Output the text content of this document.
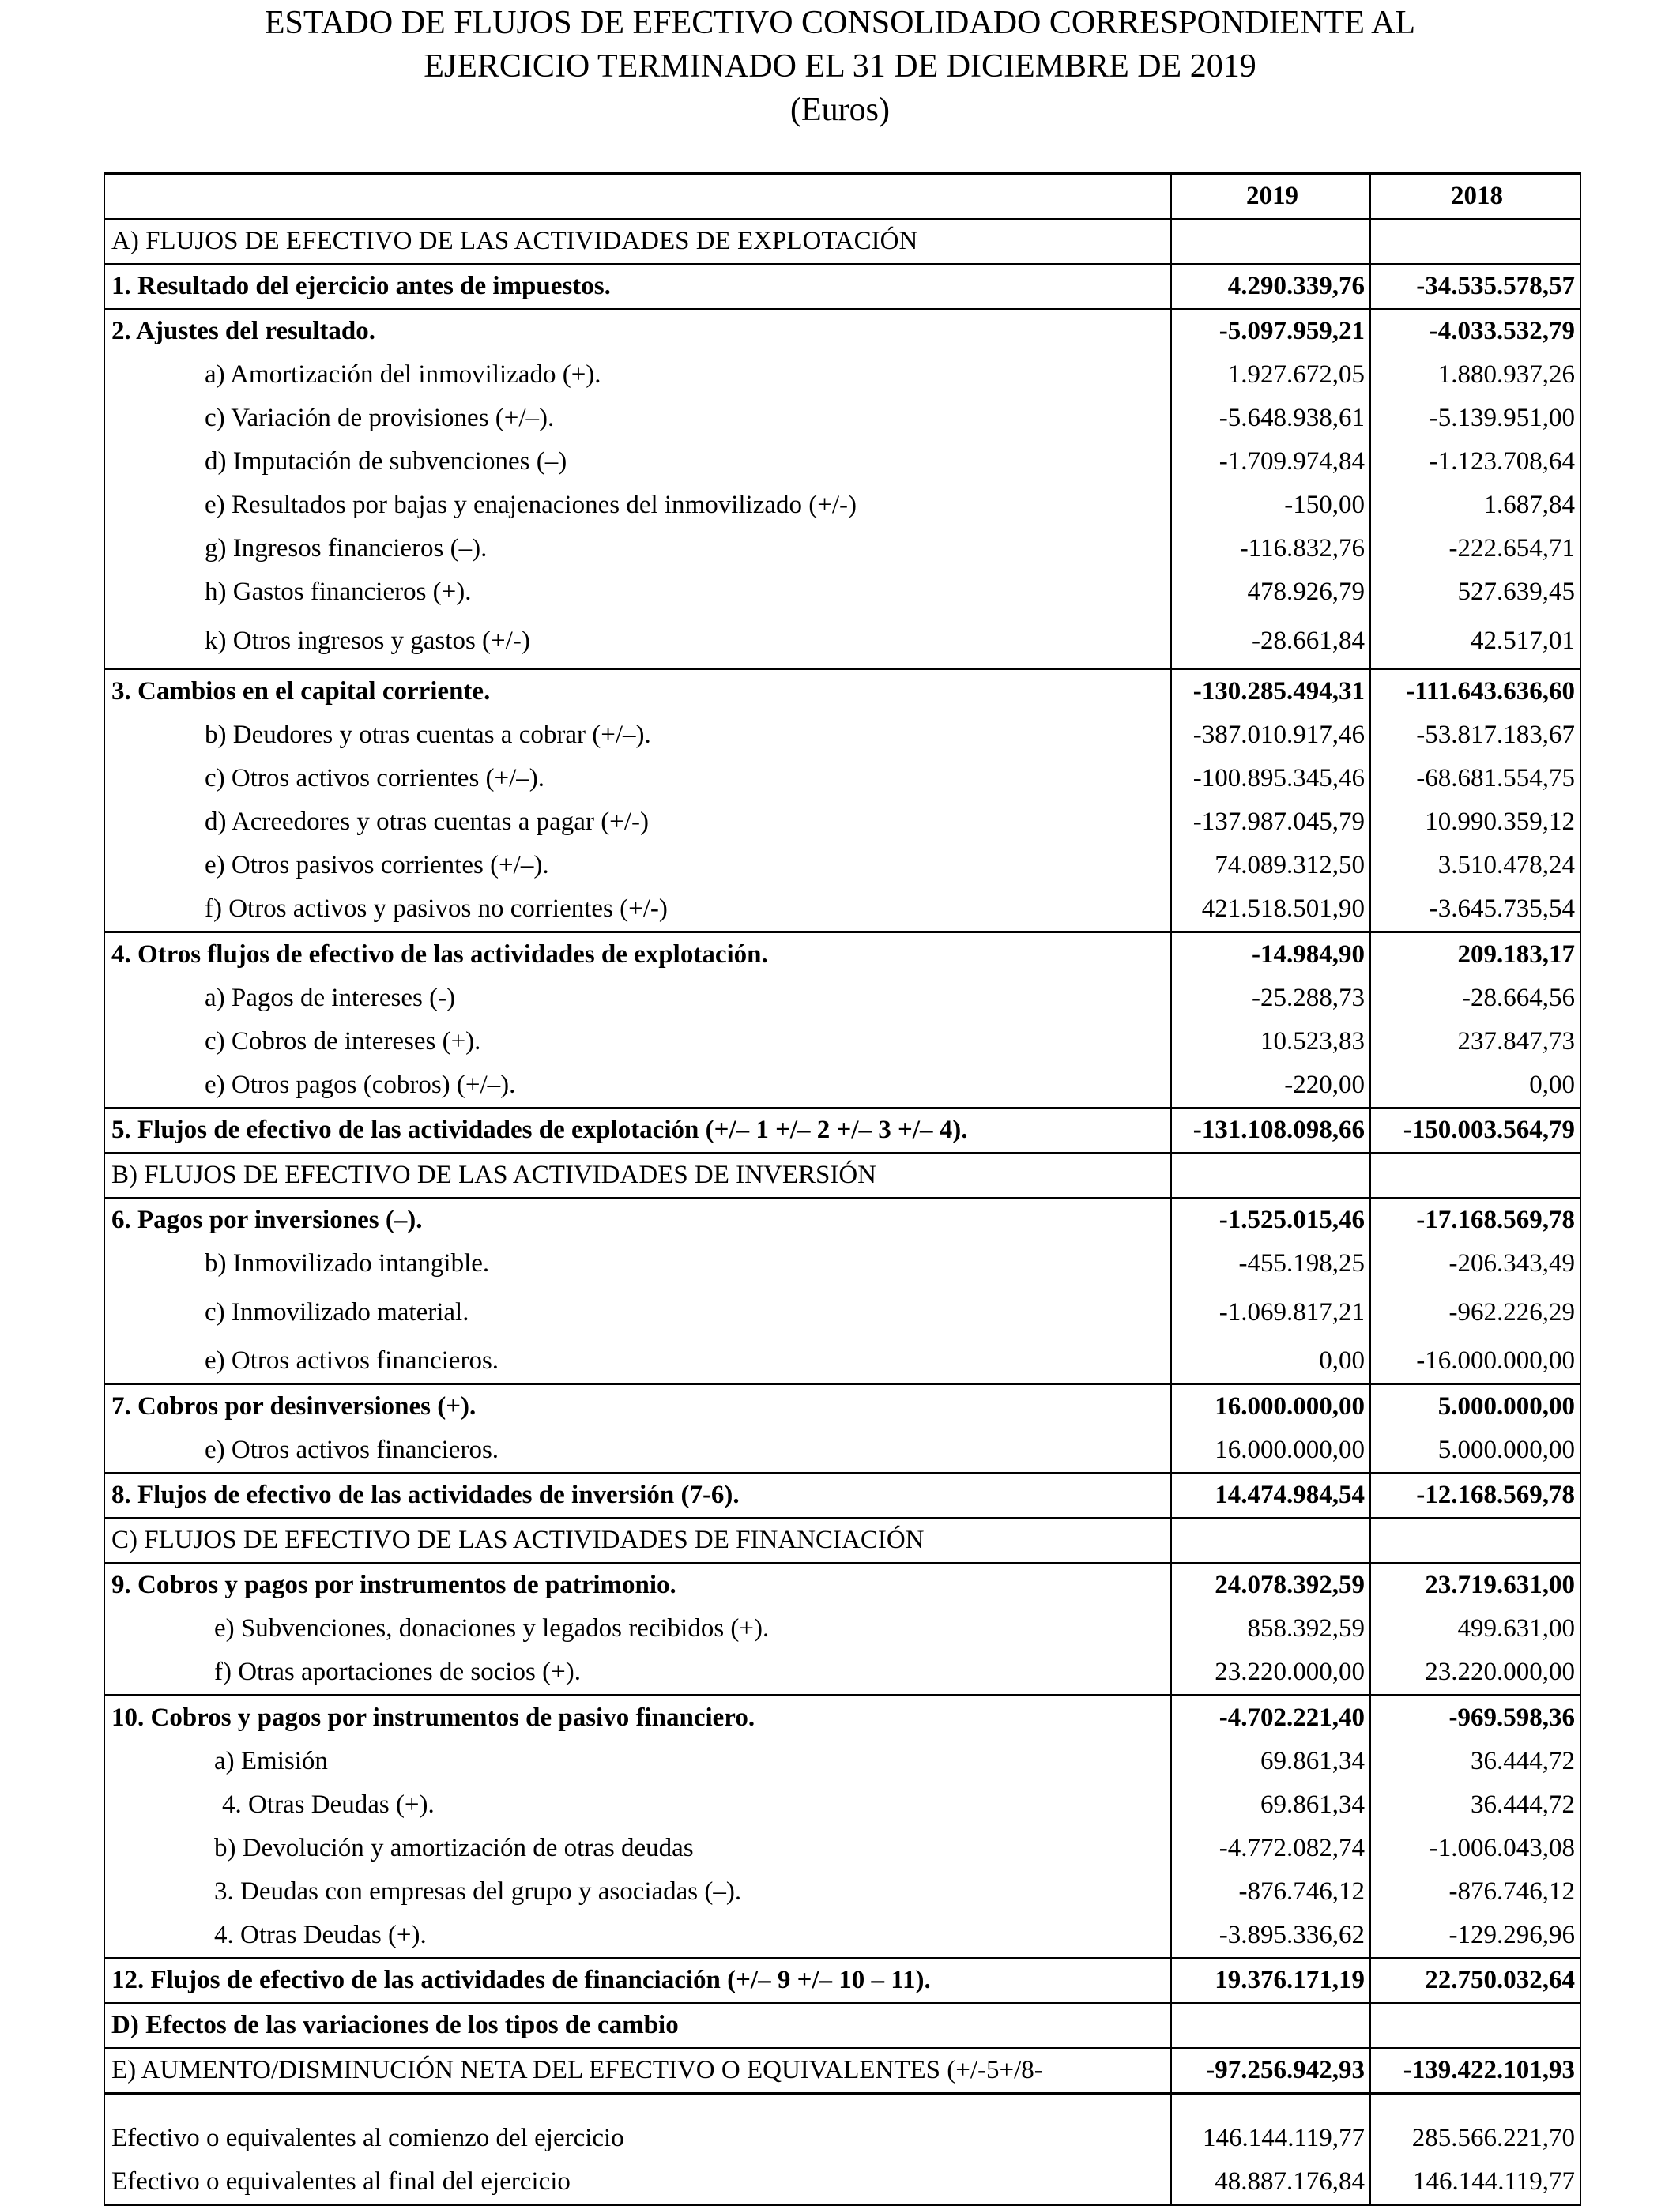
ESTADO DE FLUJOS DE EFECTIVO CONSOLIDADO CORRESPONDIENTE AL
EJERCICIO TERMINADO EL 31 DE DICIEMBRE DE 2019
(Euros)
	2019	2018
A) FLUJOS DE EFECTIVO DE LAS ACTIVIDADES DE EXPLOTACIÓN		
1. Resultado del ejercicio antes de impuestos.	4.290.339,76	-34.535.578,57
2. Ajustes del resultado.	-5.097.959,21	-4.033.532,79
a) Amortización del inmovilizado (+).	1.927.672,05	1.880.937,26
c) Variación de provisiones (+/–).	-5.648.938,61	-5.139.951,00
d) Imputación de subvenciones (–)	-1.709.974,84	-1.123.708,64
e) Resultados por bajas y enajenaciones del inmovilizado (+/-)	-150,00	1.687,84
g) Ingresos financieros (–).	-116.832,76	-222.654,71
h) Gastos financieros (+).	478.926,79	527.639,45
k) Otros ingresos y gastos (+/-)	-28.661,84	42.517,01
3. Cambios en el capital corriente.	-130.285.494,31	-111.643.636,60
b) Deudores y otras cuentas a cobrar (+/–).	-387.010.917,46	-53.817.183,67
c) Otros activos corrientes (+/–).	-100.895.345,46	-68.681.554,75
d) Acreedores y otras cuentas a pagar (+/-)	-137.987.045,79	10.990.359,12
e) Otros pasivos corrientes (+/–).	74.089.312,50	3.510.478,24
f) Otros activos y pasivos no corrientes (+/-)	421.518.501,90	-3.645.735,54
4. Otros flujos de efectivo de las actividades de explotación.	-14.984,90	209.183,17
a) Pagos de intereses (-)	-25.288,73	-28.664,56
c) Cobros de intereses (+).	10.523,83	237.847,73
e) Otros pagos (cobros) (+/–).	-220,00	0,00
5. Flujos de efectivo de las actividades de explotación (+/– 1 +/– 2 +/– 3 +/– 4).	-131.108.098,66	-150.003.564,79
B) FLUJOS DE EFECTIVO DE LAS ACTIVIDADES DE INVERSIÓN		
6. Pagos por inversiones (–).	-1.525.015,46	-17.168.569,78
b) Inmovilizado intangible.	-455.198,25	-206.343,49
c) Inmovilizado material.	-1.069.817,21	-962.226,29
e) Otros activos financieros.	0,00	-16.000.000,00
7. Cobros por desinversiones (+).	16.000.000,00	5.000.000,00
e) Otros activos financieros.	16.000.000,00	5.000.000,00
8. Flujos de efectivo de las actividades de inversión (7-6).	14.474.984,54	-12.168.569,78
C) FLUJOS DE EFECTIVO DE LAS ACTIVIDADES DE FINANCIACIÓN		
9. Cobros y pagos por instrumentos de patrimonio.	24.078.392,59	23.719.631,00
e) Subvenciones, donaciones y legados recibidos (+).	858.392,59	499.631,00
f) Otras aportaciones de socios (+).	23.220.000,00	23.220.000,00
10. Cobros y pagos por instrumentos de pasivo financiero.	-4.702.221,40	-969.598,36
a) Emisión	69.861,34	36.444,72
4. Otras Deudas (+).	69.861,34	36.444,72
b) Devolución y amortización de otras deudas	-4.772.082,74	-1.006.043,08
3. Deudas con empresas del grupo y asociadas (–).	-876.746,12	-876.746,12
4. Otras Deudas (+).	-3.895.336,62	-129.296,96
12. Flujos de efectivo de las actividades de financiación (+/– 9 +/– 10 – 11).	19.376.171,19	22.750.032,64
D) Efectos de las variaciones de los tipos de cambio		
E) AUMENTO/DISMINUCIÓN NETA DEL EFECTIVO O EQUIVALENTES (+/-5+/8-	-97.256.942,93	-139.422.101,93

Efectivo o equivalentes al comienzo del ejercicio	146.144.119,77	285.566.221,70
Efectivo o equivalentes al final del ejercicio	48.887.176,84	146.144.119,77
